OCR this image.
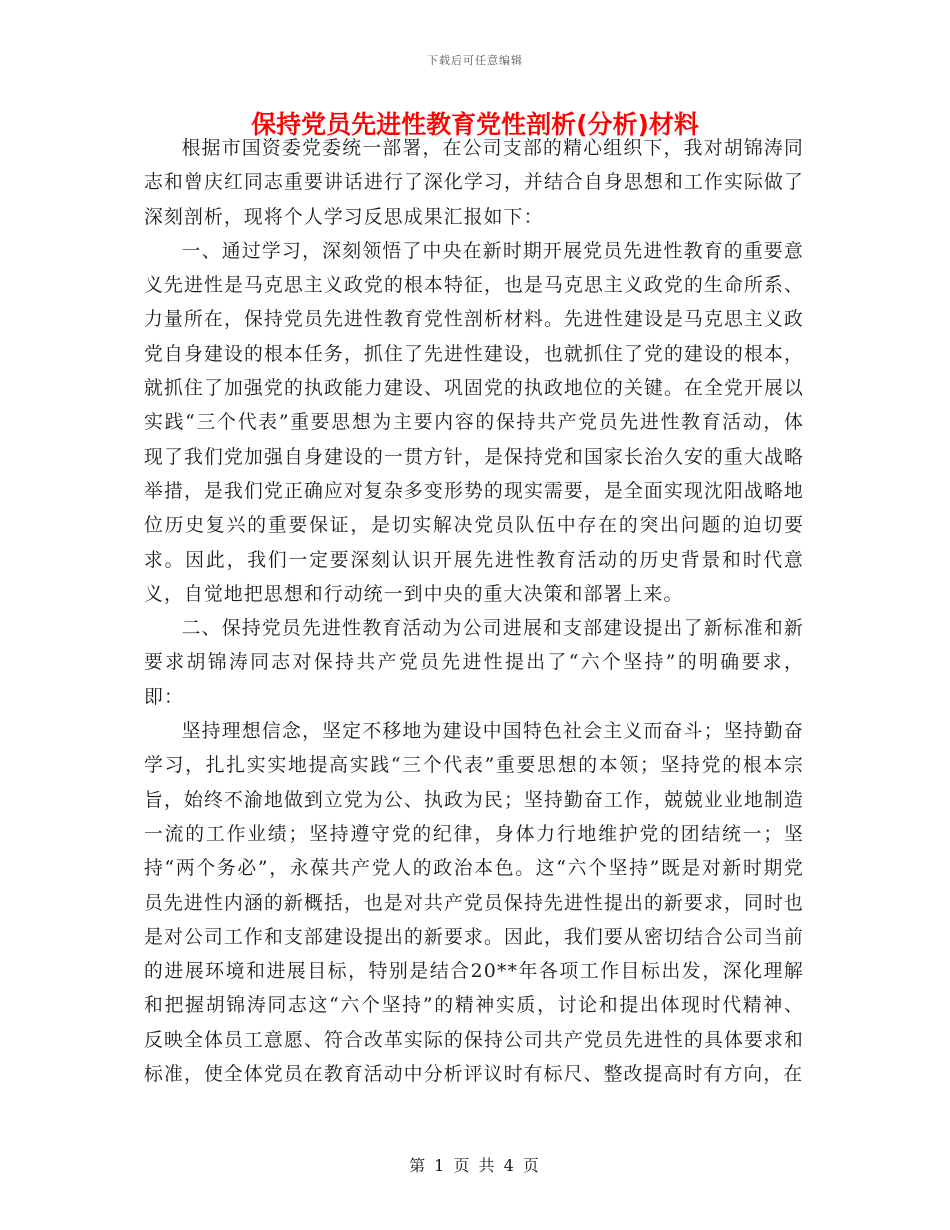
下载后可任意编辑
保持党员先进性教育党性剖析(分析)材料

根据市国资委党委统一部署，在公司支部的精心组织下，我对胡锦涛同志和曾庆红同志重要讲话进行了深化学习，并结合自身思想和工作实际做了深刻剖析，现将个人学习反思成果汇报如下：

一、通过学习，深刻领悟了中央在新时期开展党员先进性教育的重要意义先进性是马克思主义政党的根本特征，也是马克思主义政党的生命所系、力量所在，保持党员先进性教育党性剖析材料。先进性建设是马克思主义政党自身建设的根本任务，抓住了先进性建设，也就抓住了党的建设的根本，就抓住了加强党的执政能力建设、巩固党的执政地位的关键。在全党开展以实践“三个代表”重要思想为主要内容的保持共产党员先进性教育活动，体现了我们党加强自身建设的一贯方针，是保持党和国家长治久安的重大战略举措，是我们党正确应对复杂多变形势的现实需要，是全面实现沈阳战略地位历史复兴的重要保证，是切实解决党员队伍中存在的突出问题的迫切要求。因此，我们一定要深刻认识开展先进性教育活动的历史背景和时代意义，自觉地把思想和行动统一到中央的重大决策和部署上来。

二、保持党员先进性教育活动为公司进展和支部建设提出了新标准和新要求胡锦涛同志对保持共产党员先进性提出了“六个坚持”的明确要求，即：

坚持理想信念，坚定不移地为建设中国特色社会主义而奋斗；坚持勤奋学习，扎扎实实地提高实践“三个代表”重要思想的本领；坚持党的根本宗旨，始终不渝地做到立党为公、执政为民；坚持勤奋工作，兢兢业业地制造一流的工作业绩；坚持遵守党的纪律，身体力行地维护党的团结统一；坚持“两个务必”，永葆共产党人的政治本色。这“六个坚持”既是对新时期党员先进性内涵的新概括，也是对共产党员保持先进性提出的新要求，同时也是对公司工作和支部建设提出的新要求。因此，我们要从密切结合公司当前的进展环境和进展目标，特别是结合20**年各项工作目标出发，深化理解和把握胡锦涛同志这“六个坚持”的精神实质，讨论和提出体现时代精神、反映全体员工意愿、符合改革实际的保持公司共产党员先进性的具体要求和标准，使全体党员在教育活动中分析评议时有标尺、整改提高时有方向，在

第 1 页 共 4 页
